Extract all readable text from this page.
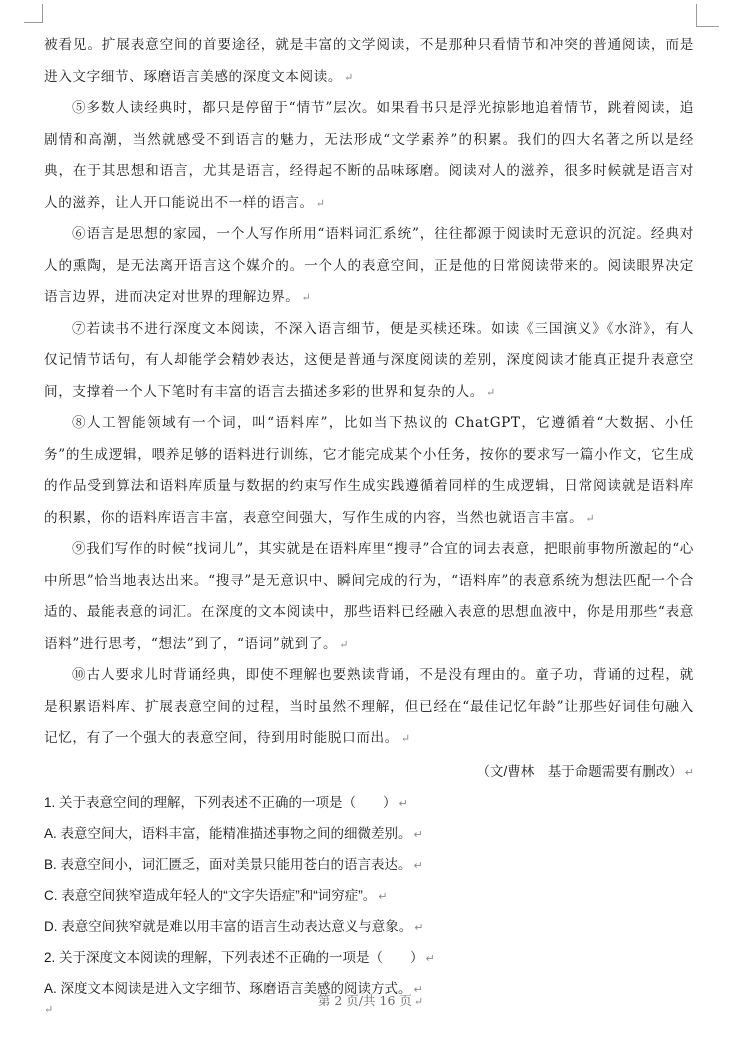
被看见。扩展表意空间的首要途径，就是丰富的文学阅读，不是那种只看情节和冲突的普通阅读，而是进入文字细节、琢磨语言美感的深度文本阅读。 ↵

⑤多数人读经典时，都只是停留于“情节”层次。如果看书只是浮光掠影地追着情节，跳着阅读，追剧情和高潮，当然就感受不到语言的魅力，无法形成“文学素养”的积累。我们的四大名著之所以是经典，在于其思想和语言，尤其是语言，经得起不断的品味琢磨。阅读对人的滋养，很多时候就是语言对人的滋养，让人开口能说出不一样的语言。 ↵

⑥语言是思想的家园，一个人写作所用“语料词汇系统”，往往都源于阅读时无意识的沉淀。经典对人的熏陶，是无法离开语言这个媒介的。一个人的表意空间，正是他的日常阅读带来的。阅读眼界决定语言边界，进而决定对世界的理解边界。 ↵

⑦若读书不进行深度文本阅读，不深入语言细节，便是买椟还珠。如读《三国演义》《水浒》，有人仅记情节话句，有人却能学会精妙表达，这便是普通与深度阅读的差别，深度阅读才能真正提升表意空间，支撑着一个人下笔时有丰富的语言去描述多彩的世界和复杂的人。 ↵

⑧人工智能领域有一个词，叫“语料库”，比如当下热议的 ChatGPT，它遵循着“大数据、小任务”的生成逻辑，喂养足够的语料进行训练，它才能完成某个小任务，按你的要求写一篇小作文，它生成的作品受到算法和语料库质量与数据的约束写作生成实践遵循着同样的生成逻辑，日常阅读就是语料库的积累，你的语料库语言丰富，表意空间强大，写作生成的内容，当然也就语言丰富。 ↵

⑨我们写作的时候“找词儿”，其实就是在语料库里“搜寻”合宜的词去表意，把眼前事物所激起的“心中所思”恰当地表达出来。“搜寻”是无意识中、瞬间完成的行为，“语料库”的表意系统为想法匹配一个合适的、最能表意的词汇。在深度的文本阅读中，那些语料已经融入表意的思想血液中，你是用那些“表意语料”进行思考，“想法”到了，“语词”就到了。 ↵

⑩古人要求儿时背诵经典，即使不理解也要熟读背诵，不是没有理由的。童子功，背诵的过程，就是积累语料库、扩展表意空间的过程，当时虽然不理解，但已经在“最佳记忆年龄”让那些好词佳句融入记忆，有了一个强大的表意空间，待到用时能脱口而出。 ↵

（文/曹林　基于命题需要有删改） ↵

1. 关于表意空间的理解，下列表述不正确的一项是（　　） ↵

A. 表意空间大，语料丰富，能精准描述事物之间的细微差别。 ↵

B. 表意空间小，词汇匮乏，面对美景只能用苍白的语言表达。 ↵

C. 表意空间狭窄造成年轻人的“文字失语症”和“词穷症”。 ↵

D. 表意空间狭窄就是难以用丰富的语言生动表达意义与意象。 ↵

2. 关于深度文本阅读的理解，下列表述不正确的一项是（　　） ↵

A. 深度文本阅读是进入文字细节、琢磨语言美感的阅读方式。 ↵

第 2 页/共 16 页 ↵
↵
